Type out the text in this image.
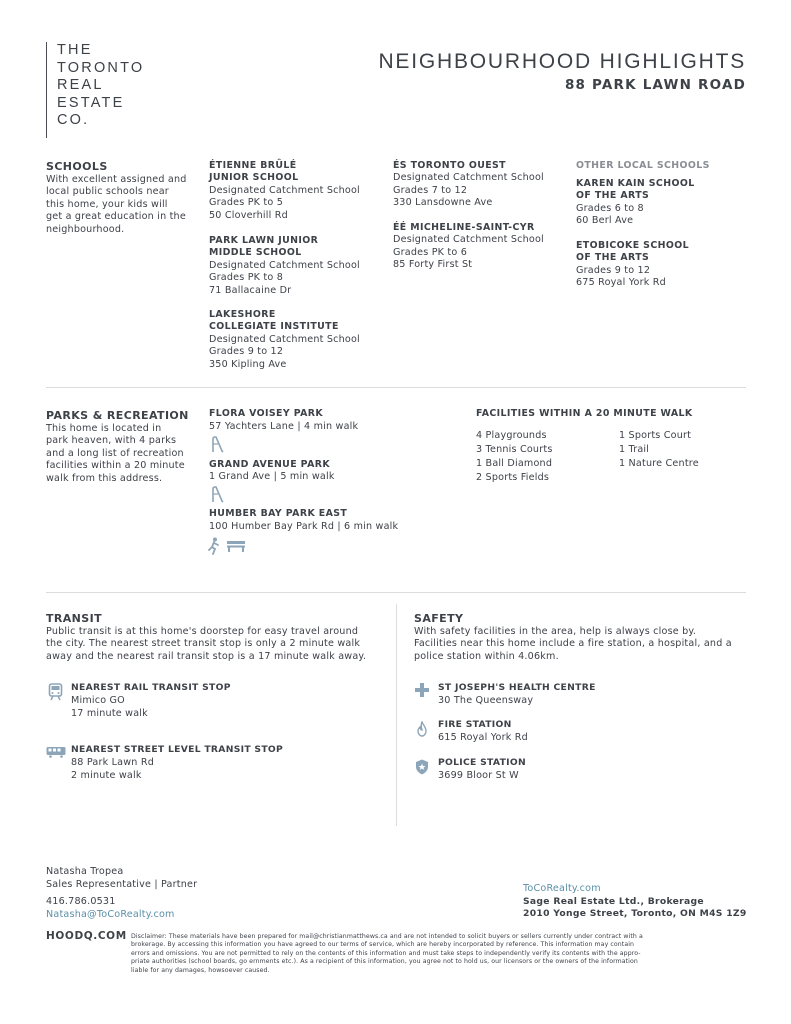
THE
TORONTO
REAL
ESTATE
CO.
NEIGHBOURHOOD HIGHLIGHTS
88 PARK LAWN ROAD
SCHOOLS
With excellent assigned and
local public schools near
this home, your kids will
get a great education in the
neighbourhood.
ÉTIENNE BRÛLÉ
JUNIOR SCHOOL
Designated Catchment School
Grades PK to 5
50 Cloverhill Rd
PARK LAWN JUNIOR
MIDDLE SCHOOL
Designated Catchment School
Grades PK to 8
71 Ballacaine Dr
LAKESHORE
COLLEGIATE INSTITUTE
Designated Catchment School
Grades 9 to 12
350 Kipling Ave
ÉS TORONTO OUEST
Designated Catchment School
Grades 7 to 12
330 Lansdowne Ave
ÉÉ MICHELINE-SAINT-CYR
Designated Catchment School
Grades PK to 6
85 Forty First St
OTHER LOCAL SCHOOLS
KAREN KAIN SCHOOL
OF THE ARTS
Grades 6 to 8
60 Berl Ave
ETOBICOKE SCHOOL
OF THE ARTS
Grades 9 to 12
675 Royal York Rd
PARKS & RECREATION
This home is located in
park heaven, with 4 parks
and a long list of recreation
facilities within a 20 minute
walk from this address.
FLORA VOISEY PARK
57 Yachters Lane | 4 min walk
GRAND AVENUE PARK
1 Grand Ave | 5 min walk
HUMBER BAY PARK EAST
100 Humber Bay Park Rd | 6 min walk
FACILITIES WITHIN A 20 MINUTE WALK
4 Playgrounds
3 Tennis Courts
1 Ball Diamond
2 Sports Fields
1 Sports Court
1 Trail
1 Nature Centre
TRANSIT
Public transit is at this home's doorstep for easy travel around
the city. The nearest street transit stop is only a 2 minute walk
away and the nearest rail transit stop is a 17 minute walk away.
NEAREST RAIL TRANSIT STOP
Mimico GO
17 minute walk
NEAREST STREET LEVEL TRANSIT STOP
88 Park Lawn Rd
2 minute walk
SAFETY
With safety facilities in the area, help is always close by.
Facilities near this home include a fire station, a hospital, and a
police station within 4.06km.
ST JOSEPH'S HEALTH CENTRE
30 The Queensway
FIRE STATION
615 Royal York Rd
POLICE STATION
3699 Bloor St W
Natasha Tropea
Sales Representative | Partner
416.786.0531
Natasha@ToCoRealty.com
ToCoRealty.com
Sage Real Estate Ltd., Brokerage
2010 Yonge Street, Toronto, ON M4S 1Z9
HOODQ.COM Disclaimer: These materials have been prepared for mail@christianmatthews.ca and are not intended to solicit buyers or sellers currently under contract with a
brokerage. By accessing this information you have agreed to our terms of service, which are hereby incorporated by reference. This information may contain
errors and omissions. You are not permitted to rely on the contents of this information and must take steps to independently verify its contents with the appro-
priate authorities (school boards, go ernments etc.). As a recipient of this information, you agree not to hold us, our licensors or the owners of the information
liable for any damages, howsoever caused.
